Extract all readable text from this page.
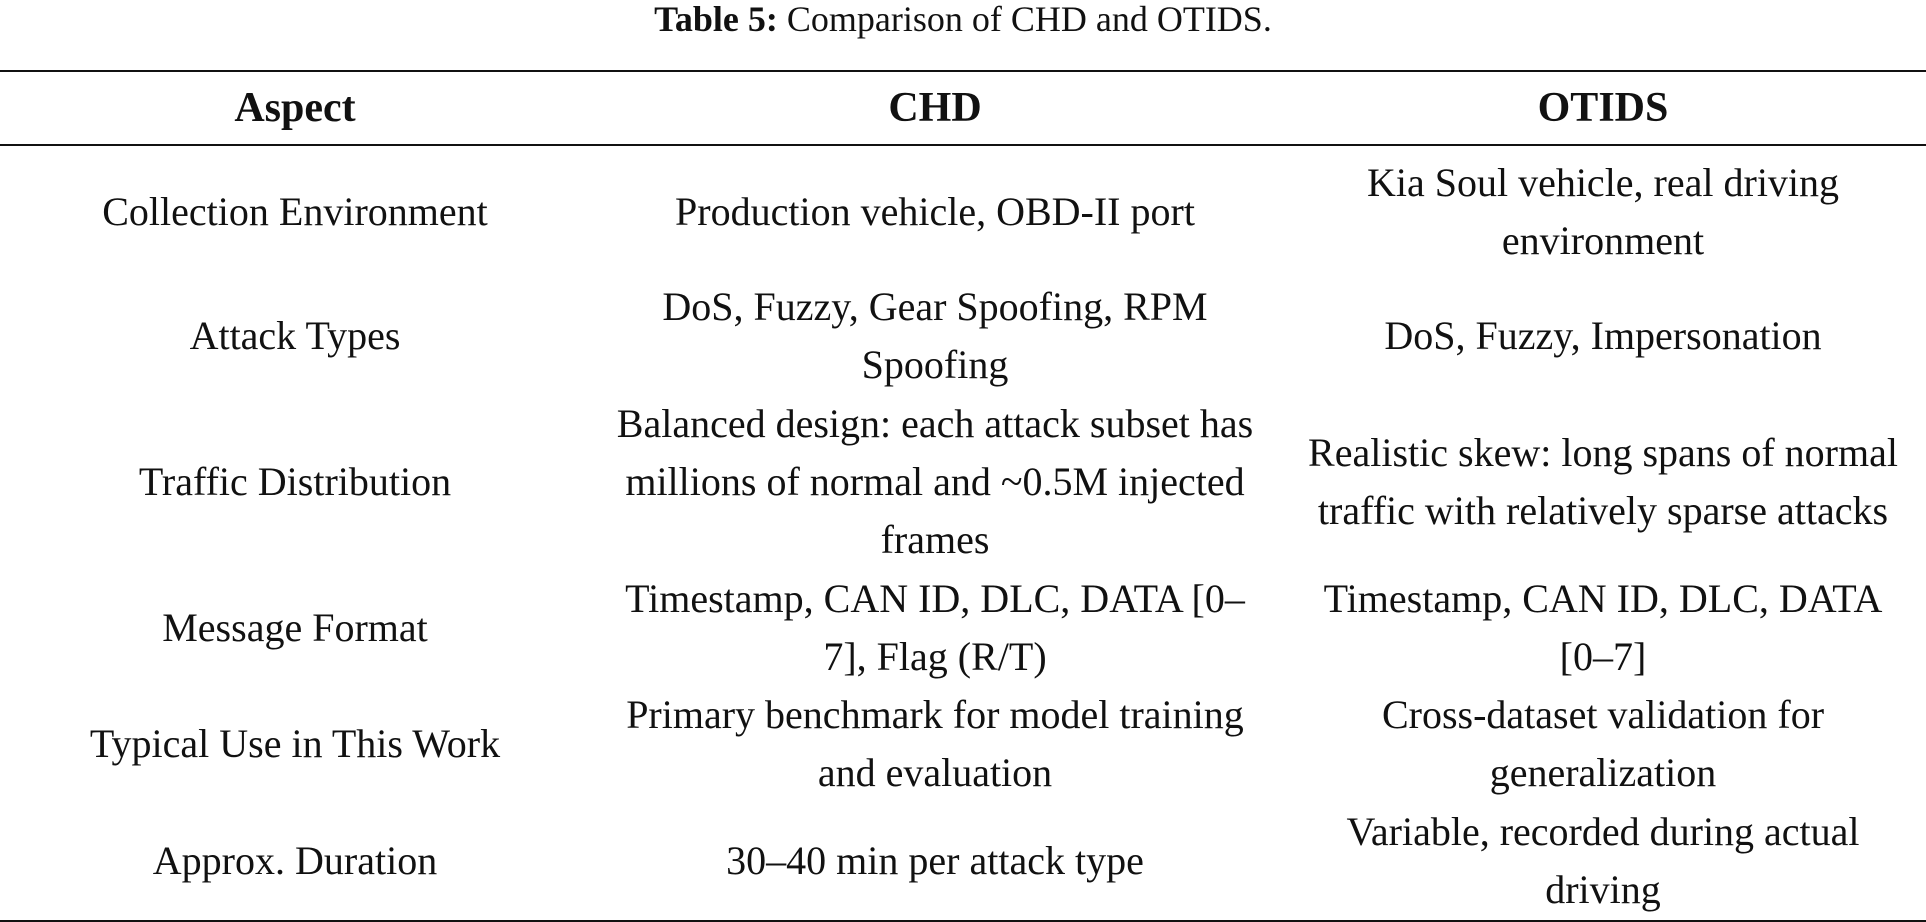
Table 5: Comparison of CHD and OTIDS.
Aspect	CHD	OTIDS
Collection Environment	Production vehicle, OBD-II port	Kia Soul vehicle, real driving environment
Attack Types	DoS, Fuzzy, Gear Spoofing, RPM Spoofing	DoS, Fuzzy, Impersonation
Traffic Distribution	Balanced design: each attack subset has millions of normal and ~0.5M injected frames	Realistic skew: long spans of normal traffic with relatively sparse attacks
Message Format	Timestamp, CAN ID, DLC, DATA [0–7], Flag (R/T)	Timestamp, CAN ID, DLC, DATA [0–7]
Typical Use in This Work	Primary benchmark for model training and evaluation	Cross-dataset validation for generalization
Approx. Duration	30–40 min per attack type	Variable, recorded during actual driving
